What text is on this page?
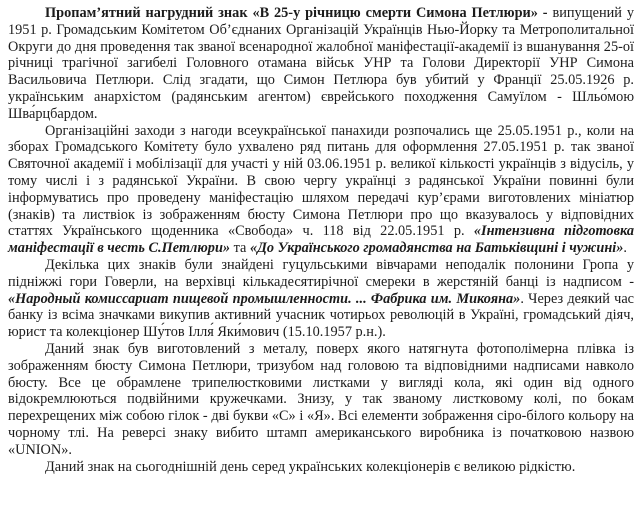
Пропам’ятний нагрудний знак «В 25-у річницю смерти Симона Петлюри» - випущений у 1951 р. Громадським Комітетом Об’єднаних Організацій Українців Нью-Йорку та Метрополитальної Округи до дня проведення так званої всенародної жалобної маніфестації-академії із вшанування 25-ої річниці трагічної загибелі Головного отамана військ УНР та Голови Директорії УНР Симона Васильовича Петлюри. Слід згадати, що Симон Петлюра був убитий у Франції 25.05.1926 р. українським анархістом (радянським агентом) єврейського походження Самуїлом - Шльо́мою Шва́рцбардом.

Організаційні заходи з нагоди всеукраїнської панахиди розпочались ще 25.05.1951 р., коли на зборах Громадського Комітету було ухвалено ряд питань для оформлення 27.05.1951 р. так званої Святочної академії і мобілізації для участі у ній 03.06.1951 р. великої кількості українців з відусіль, у тому числі і з радянської України. В свою чергу українці з радянської України повинні були інформуватись про проведену маніфестацію шляхом передачі кур’єрами виготовлених мініатюр (знаків) та листвіок із зображенням бюсту Симона Петлюри про що вказувалось у відповідних статтях Українського щоденника «Свобода» ч. 118 від 22.05.1951 р. «Інтензивна підготовка маніфестації в честь С.Петлюри» та «До Українського громадянства на Батьківщині і чужині».

Декілька цих знаків були знайдені гуцульськими вівчарами неподалік полонини Гропа у підніжжі гори Говерли, на верхівці кількадесятирічної смереки в жерстяній банці із надписом - «Народный комиссариат пищевой промышленности. ... Фабрика им. Микояна». Через деякий час банку із всіма значками викупив активний учасник чотирьох революцій в Україні, громадський діяч, юрист та колекціонер Шу́тов Ілля́ Яки́мович (15.10.1957 р.н.).

Даний знак був виготовлений з металу, поверх якого натягнута фотополімерна плівка із зображенням бюсту Симона Петлюри, тризубом над головою та відповідними надписами навколо бюсту. Все це обрамлене трипелюстковими листками у вигляді кола, які один від одного відокремлюються подвійними кружечками. Знизу, у так званому листковому колі, по бокам перехрещених між собою гілок - дві букви «С» і «Я». Всі елементи зображення сіро-білого кольору на чорному тлі. На реверсі знаку вибито штамп американського виробника із початковою назвою «UNION».

Даний знак на сьогоднішній день серед українських колекціонерів є великою рідкістю.
